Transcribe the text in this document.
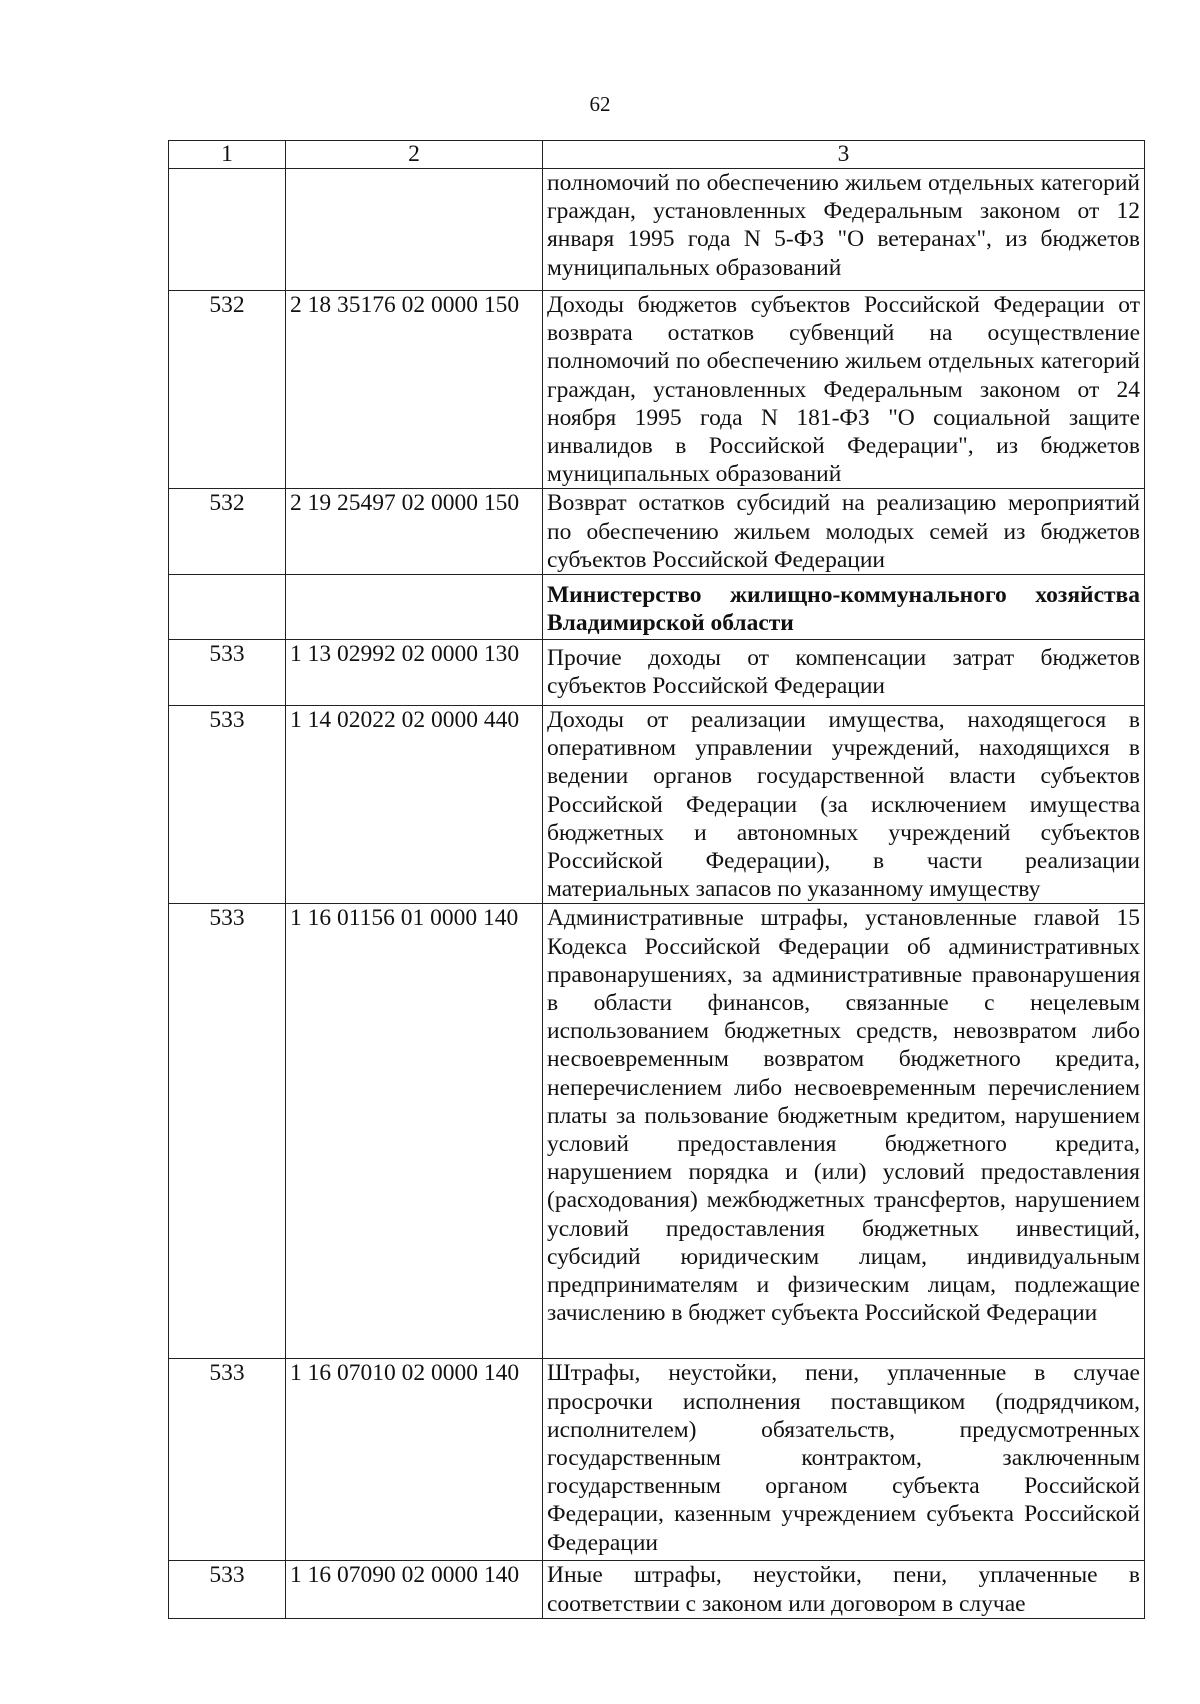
62
1	2	3
		полномочий по обеспечению жильем отдельных категорий граждан, установленных Федеральным законом от 12 января 1995 года N 5-ФЗ "О ветеранах", из бюджетов муниципальных образований
532	2 18 35176 02 0000 150	Доходы бюджетов субъектов Российской Федерации от возврата остатков субвенций на осуществление полномочий по обеспечению жильем отдельных категорий граждан, установленных Федеральным законом от 24 ноября 1995 года N 181-ФЗ "О социальной защите инвалидов в Российской Федерации", из бюджетов муниципальных образований
532	2 19 25497 02 0000 150	Возврат остатков субсидий на реализацию мероприятий по обеспечению жильем молодых семей из бюджетов субъектов Российской Федерации
		Министерство жилищно-коммунального хозяйства Владимирской области
533	1 13 02992 02 0000 130	Прочие доходы от компенсации затрат бюджетов субъектов Российской Федерации
533	1 14 02022 02 0000 440	Доходы от реализации имущества, находящегося в оперативном управлении учреждений, находящихся в ведении органов государственной власти субъектов Российской Федерации (за исключением имущества бюджетных и автономных учреждений субъектов Российской Федерации), в части реализации материальных запасов по указанному имуществу
533	1 16 01156 01 0000 140	Административные штрафы, установленные главой 15 Кодекса Российской Федерации об административных правонарушениях, за административные правонарушения в области финансов, связанные с нецелевым использованием бюджетных средств, невозвратом либо несвоевременным возвратом бюджетного кредита, неперечислением либо несвоевременным перечислением платы за пользование бюджетным кредитом, нарушением условий предоставления бюджетного кредита, нарушением порядка и (или) условий предоставления (расходования) межбюджетных трансфертов, нарушением условий предоставления бюджетных инвестиций, субсидий юридическим лицам, индивидуальным предпринимателям и физическим лицам, подлежащие зачислению в бюджет субъекта Российской Федерации
533	1 16 07010 02 0000 140	Штрафы, неустойки, пени, уплаченные в случае просрочки исполнения поставщиком (подрядчиком, исполнителем) обязательств, предусмотренных государственным контрактом, заключенным государственным органом субъекта Российской Федерации, казенным учреждением субъекта Российской Федерации
533	1 16 07090 02 0000 140	Иные штрафы, неустойки, пени, уплаченные в соответствии с законом или договором в случае
